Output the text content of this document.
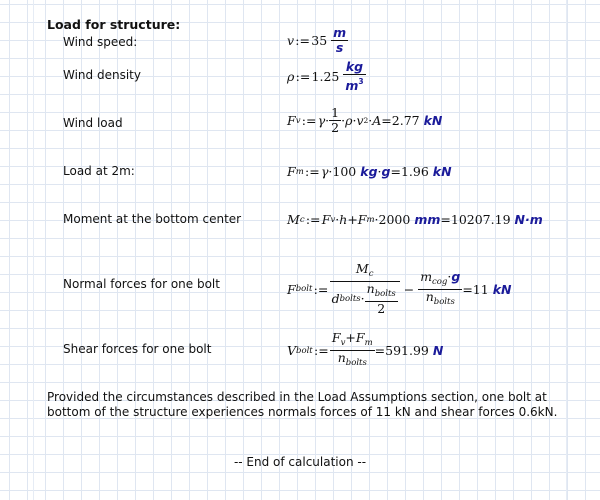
Load for structure:
Wind speed:	v  :=  35
$\frac{m}{s}$
Wind density	ρ  :=  1.25
$\frac{kg}{m^3}$
Wind load	F v  :=  $\gamma \cdot \frac{1}{2} \cdot \rho \cdot v$ 2 · A = 2.77
kN
Load at 2m:	F m  :=  γ · 100
kg · g = 1.96
kN
Moment at the bottom center	M c  :=  F v · h + F m · 2000
mm = 10207.19
N·m
Normal forces for one bolt	F bolt  :=  $\frac{M_c}{d bolts \cdot \frac{n_{bolts}}{2}} - \frac{m_{cog}\cdot g}{n_{bolts}} = 11$
kN
Shear forces for one bolt	V bolt  :=  $\frac{F_v+F_m}{n_{bolts}} = 591.99$
N
Provided the circumstances described in the Load Assumptions section, one bolt at bottom of the structure experiences normals forces of 11 kN and shear forces 0.6kN.
-- End of calculation --
